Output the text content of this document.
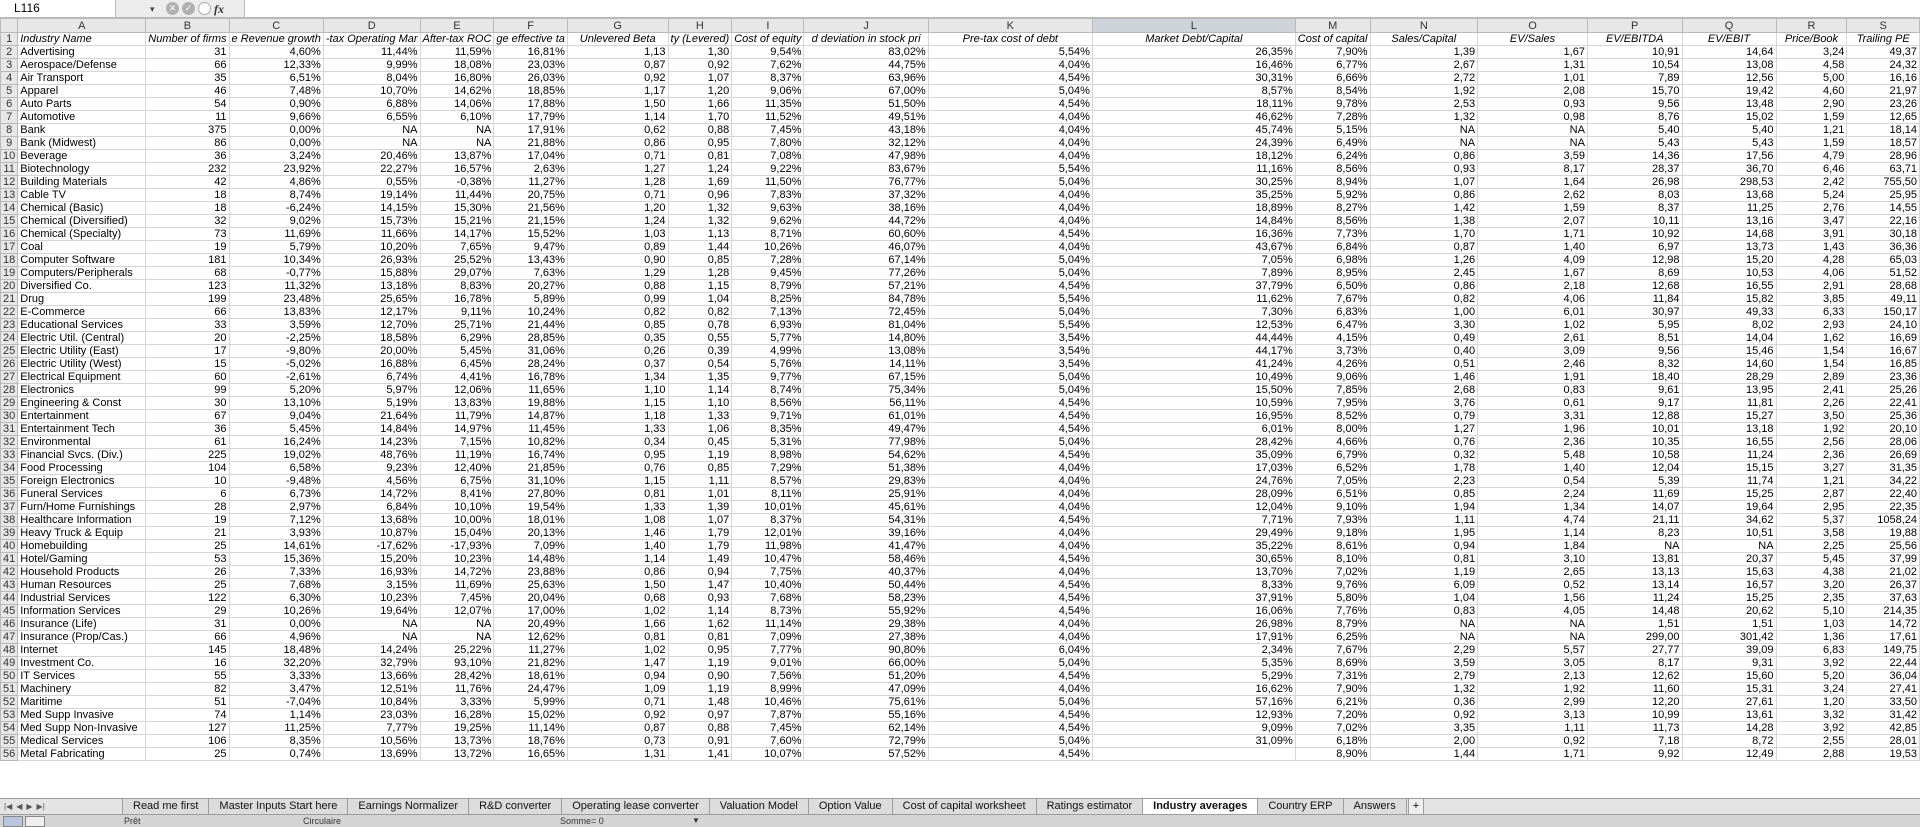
L116	▾	✕ ✓ fx
	A	B	C	D	E	F	G	H	I	J	K	L	M	N	O	P	Q	R	S
1	Industry Name	Number of firms	e Revenue growth	-tax Operating Mar	After-tax ROC	ge effective ta	Unlevered Beta	ty (Levered)	Cost of equity	d deviation in stock pri	Pre-tax cost of debt	Market Debt/Capital	Cost of capital	Sales/Capital	EV/Sales	EV/EBITDA	EV/EBIT	Price/Book	Trailing PE
2	Advertising	31	4,60%	11,44%	11,59%	16,81%	1,13	1,30	9,54%	83,02%	5,54%	26,35%	7,90%	1,39	1,67	10,91	14,64	3,24	49,37
3	Aerospace/Defense	66	12,33%	9,99%	18,08%	23,03%	0,87	0,92	7,62%	44,75%	4,04%	16,46%	6,77%	2,67	1,31	10,54	13,08	4,58	24,32
4	Air Transport	35	6,51%	8,04%	16,80%	26,03%	0,92	1,07	8,37%	63,96%	4,54%	30,31%	6,66%	2,72	1,01	7,89	12,56	5,00	16,16
5	Apparel	46	7,48%	10,70%	14,62%	18,85%	1,17	1,20	9,06%	67,00%	5,04%	8,57%	8,54%	1,92	2,08	15,70	19,42	4,60	21,97
6	Auto Parts	54	0,90%	6,88%	14,06%	17,88%	1,50	1,66	11,35%	51,50%	4,54%	18,11%	9,78%	2,53	0,93	9,56	13,48	2,90	23,26
7	Automotive	11	9,66%	6,55%	6,10%	17,79%	1,14	1,70	11,52%	49,51%	4,04%	46,62%	7,28%	1,32	0,98	8,76	15,02	1,59	12,65
8	Bank	375	0,00%	NA	NA	17,91%	0,62	0,88	7,45%	43,18%	4,04%	45,74%	5,15%	NA	NA	5,40	5,40	1,21	18,14
9	Bank (Midwest)	86	0,00%	NA	NA	21,88%	0,86	0,95	7,80%	32,12%	4,04%	24,39%	6,49%	NA	NA	5,43	5,43	1,59	18,57
10	Beverage	36	3,24%	20,46%	13,87%	17,04%	0,71	0,81	7,08%	47,98%	4,04%	18,12%	6,24%	0,86	3,59	14,36	17,56	4,79	28,96
11	Biotechnology	232	23,92%	22,27%	16,57%	2,63%	1,27	1,24	9,22%	83,67%	5,54%	11,16%	8,56%	0,93	8,17	28,37	36,70	6,46	63,71
12	Building Materials	42	4,86%	0,55%	-0,38%	11,27%	1,28	1,69	11,50%	76,77%	5,04%	30,25%	8,94%	1,07	1,64	26,98	298,53	2,42	755,50
13	Cable TV	18	8,74%	19,14%	11,44%	20,75%	0,71	0,96	7,83%	37,32%	4,04%	35,25%	5,92%	0,86	2,62	8,03	13,68	5,24	25,95
14	Chemical (Basic)	18	-6,24%	14,15%	15,30%	21,56%	1,20	1,32	9,63%	38,16%	4,04%	18,89%	8,27%	1,42	1,59	8,37	11,25	2,76	14,55
15	Chemical (Diversified)	32	9,02%	15,73%	15,21%	21,15%	1,24	1,32	9,62%	44,72%	4,04%	14,84%	8,56%	1,38	2,07	10,11	13,16	3,47	22,16
16	Chemical (Specialty)	73	11,69%	11,66%	14,17%	15,52%	1,03	1,13	8,71%	60,60%	4,54%	16,36%	7,73%	1,70	1,71	10,92	14,68	3,91	30,18
17	Coal	19	5,79%	10,20%	7,65%	9,47%	0,89	1,44	10,26%	46,07%	4,04%	43,67%	6,84%	0,87	1,40	6,97	13,73	1,43	36,36
18	Computer Software	181	10,34%	26,93%	25,52%	13,43%	0,90	0,85	7,28%	67,14%	5,04%	7,05%	6,98%	1,26	4,09	12,98	15,20	4,28	65,03
19	Computers/Peripherals	68	-0,77%	15,88%	29,07%	7,63%	1,29	1,28	9,45%	77,26%	5,04%	7,89%	8,95%	2,45	1,67	8,69	10,53	4,06	51,52
20	Diversified Co.	123	11,32%	13,18%	8,83%	20,27%	0,88	1,15	8,79%	57,21%	4,54%	37,79%	6,50%	0,86	2,18	12,68	16,55	2,91	28,68
21	Drug	199	23,48%	25,65%	16,78%	5,89%	0,99	1,04	8,25%	84,78%	5,54%	11,62%	7,67%	0,82	4,06	11,84	15,82	3,85	49,11
22	E-Commerce	66	13,83%	12,17%	9,11%	10,24%	0,82	0,82	7,13%	72,45%	5,04%	7,30%	6,83%	1,00	6,01	30,97	49,33	6,33	150,17
23	Educational Services	33	3,59%	12,70%	25,71%	21,44%	0,85	0,78	6,93%	81,04%	5,54%	12,53%	6,47%	3,30	1,02	5,95	8,02	2,93	24,10
24	Electric Util. (Central)	20	-2,25%	18,58%	6,29%	28,85%	0,35	0,55	5,77%	14,80%	3,54%	44,44%	4,15%	0,49	2,61	8,51	14,04	1,62	16,69
25	Electric Utility (East)	17	-9,80%	20,00%	5,45%	31,06%	0,26	0,39	4,99%	13,08%	3,54%	44,17%	3,73%	0,40	3,09	9,56	15,46	1,54	16,67
26	Electric Utility (West)	15	-5,02%	16,88%	6,45%	28,24%	0,37	0,54	5,76%	14,11%	3,54%	41,24%	4,26%	0,51	2,46	8,32	14,60	1,54	16,85
27	Electrical Equipment	60	-2,61%	6,74%	4,41%	16,78%	1,34	1,35	9,77%	67,15%	5,04%	10,49%	9,06%	1,46	1,91	18,40	28,29	2,89	23,36
28	Electronics	99	5,20%	5,97%	12,06%	11,65%	1,10	1,14	8,74%	75,34%	5,04%	15,50%	7,85%	2,68	0,83	9,61	13,95	2,41	25,26
29	Engineering & Const	30	13,10%	5,19%	13,83%	19,88%	1,15	1,10	8,56%	56,11%	4,54%	10,59%	7,95%	3,76	0,61	9,17	11,81	2,26	22,41
30	Entertainment	67	9,04%	21,64%	11,79%	14,87%	1,18	1,33	9,71%	61,01%	4,54%	16,95%	8,52%	0,79	3,31	12,88	15,27	3,50	25,36
31	Entertainment Tech	36	5,45%	14,84%	14,97%	11,45%	1,33	1,06	8,35%	49,47%	4,54%	6,01%	8,00%	1,27	1,96	10,01	13,18	1,92	20,10
32	Environmental	61	16,24%	14,23%	7,15%	10,82%	0,34	0,45	5,31%	77,98%	5,04%	28,42%	4,66%	0,76	2,36	10,35	16,55	2,56	28,06
33	Financial Svcs. (Div.)	225	19,02%	48,76%	11,19%	16,74%	0,95	1,19	8,98%	54,62%	4,54%	35,09%	6,79%	0,32	5,48	10,58	11,24	2,36	26,69
34	Food Processing	104	6,58%	9,23%	12,40%	21,85%	0,76	0,85	7,29%	51,38%	4,04%	17,03%	6,52%	1,78	1,40	12,04	15,15	3,27	31,35
35	Foreign Electronics	10	-9,48%	4,56%	6,75%	31,10%	1,15	1,11	8,57%	29,83%	4,04%	24,76%	7,05%	2,23	0,54	5,39	11,74	1,21	34,22
36	Funeral Services	6	6,73%	14,72%	8,41%	27,80%	0,81	1,01	8,11%	25,91%	4,04%	28,09%	6,51%	0,85	2,24	11,69	15,25	2,87	22,40
37	Furn/Home Furnishings	28	2,97%	6,84%	10,10%	19,54%	1,33	1,39	10,01%	45,61%	4,04%	12,04%	9,10%	1,94	1,34	14,07	19,64	2,95	22,35
38	Healthcare Information	19	7,12%	13,68%	10,00%	18,01%	1,08	1,07	8,37%	54,31%	4,54%	7,71%	7,93%	1,11	4,74	21,11	34,62	5,37	1058,24
39	Heavy Truck & Equip	21	3,93%	10,87%	15,04%	20,13%	1,46	1,79	12,01%	39,16%	4,04%	29,49%	9,18%	1,95	1,14	8,23	10,51	3,58	19,88
40	Homebuilding	25	14,61%	-17,62%	-17,93%	7,09%	1,40	1,79	11,98%	41,47%	4,04%	35,22%	8,61%	0,94	1,84	NA	NA	2,25	25,56
41	Hotel/Gaming	53	15,36%	15,20%	10,23%	14,48%	1,14	1,49	10,47%	58,46%	4,54%	30,65%	8,10%	0,81	3,10	13,81	20,37	5,45	37,99
42	Household Products	26	7,33%	16,93%	14,72%	23,88%	0,86	0,94	7,75%	40,37%	4,04%	13,70%	7,02%	1,19	2,65	13,13	15,63	4,38	21,02
43	Human Resources	25	7,68%	3,15%	11,69%	25,63%	1,50	1,47	10,40%	50,44%	4,54%	8,33%	9,76%	6,09	0,52	13,14	16,57	3,20	26,37
44	Industrial Services	122	6,30%	10,23%	7,45%	20,04%	0,68	0,93	7,68%	58,23%	4,54%	37,91%	5,80%	1,04	1,56	11,24	15,25	2,35	37,63
45	Information Services	29	10,26%	19,64%	12,07%	17,00%	1,02	1,14	8,73%	55,92%	4,54%	16,06%	7,76%	0,83	4,05	14,48	20,62	5,10	214,35
46	Insurance (Life)	31	0,00%	NA	NA	20,49%	1,66	1,62	11,14%	29,38%	4,04%	26,98%	8,79%	NA	NA	1,51	1,51	1,03	14,72
47	Insurance (Prop/Cas.)	66	4,96%	NA	NA	12,62%	0,81	0,81	7,09%	27,38%	4,04%	17,91%	6,25%	NA	NA	299,00	301,42	1,36	17,61
48	Internet	145	18,48%	14,24%	25,22%	11,27%	1,02	0,95	7,77%	90,80%	6,04%	2,34%	7,67%	2,29	5,57	27,77	39,09	6,83	149,75
49	Investment Co.	16	32,20%	32,79%	93,10%	21,82%	1,47	1,19	9,01%	66,00%	5,04%	5,35%	8,69%	3,59	3,05	8,17	9,31	3,92	22,44
50	IT Services	55	3,33%	13,66%	28,42%	18,61%	0,94	0,90	7,56%	51,20%	4,54%	5,29%	7,31%	2,79	2,13	12,62	15,60	5,20	36,04
51	Machinery	82	3,47%	12,51%	11,76%	24,47%	1,09	1,19	8,99%	47,09%	4,04%	16,62%	7,90%	1,32	1,92	11,60	15,31	3,24	27,41
52	Maritime	51	-7,04%	10,84%	3,33%	5,99%	0,71	1,48	10,46%	75,61%	5,04%	57,16%	6,21%	0,36	2,99	12,20	27,61	1,20	33,50
53	Med Supp Invasive	74	1,14%	23,03%	16,28%	15,02%	0,92	0,97	7,87%	55,16%	4,54%	12,93%	7,20%	0,92	3,13	10,99	13,61	3,32	31,42
54	Med Supp Non-Invasive	127	11,25%	7,77%	19,25%	11,14%	0,87	0,88	7,45%	62,14%	4,54%	9,09%	7,02%	3,35	1,11	11,73	14,28	3,92	42,85
55	Medical Services	106	8,35%	10,56%	13,73%	18,76%	0,73	0,91	7,60%	72,79%	5,04%	31,09%	6,18%	2,00	0,92	7,18	8,72	2,55	28,01
56	Metal Fabricating	25	0,74%	13,69%	13,72%	16,65%	1,31	1,41	10,07%	57,52%	4,54%		8,90%	1,44	1,71	9,92	12,49	2,88	19,53
|◀ ◀ ▶ ▶|	Read me first	Master Inputs Start here	Earnings Normalizer	R&D converter	Operating lease converter	Valuation Model	Option Value	Cost of capital worksheet	Ratings estimator	Industry averages	Country ERP	Answers	+
Prêt	Circulaire	Somme= 0	▼
